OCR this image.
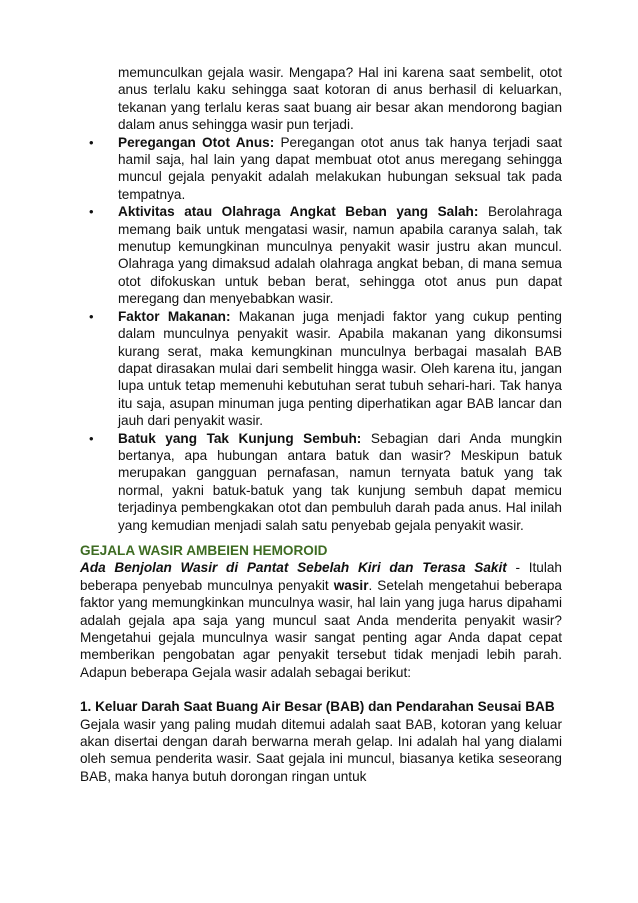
memunculkan gejala wasir. Mengapa? Hal ini karena saat sembelit, otot anus terlalu kaku sehingga saat kotoran di anus berhasil di keluarkan, tekanan yang terlalu keras saat buang air besar akan mendorong bagian dalam anus sehingga wasir pun terjadi.

• Peregangan Otot Anus: Peregangan otot anus tak hanya terjadi saat hamil saja, hal lain yang dapat membuat otot anus meregang sehingga muncul gejala penyakit adalah melakukan hubungan seksual tak pada tempatnya.
• Aktivitas atau Olahraga Angkat Beban yang Salah: Berolahraga memang baik untuk mengatasi wasir, namun apabila caranya salah, tak menutup kemungkinan munculnya penyakit wasir justru akan muncul. Olahraga yang dimaksud adalah olahraga angkat beban, di mana semua otot difokuskan untuk beban berat, sehingga otot anus pun dapat meregang dan menyebabkan wasir.
• Faktor Makanan: Makanan juga menjadi faktor yang cukup penting dalam munculnya penyakit wasir. Apabila makanan yang dikonsumsi kurang serat, maka kemungkinan munculnya berbagai masalah BAB dapat dirasakan mulai dari sembelit hingga wasir. Oleh karena itu, jangan lupa untuk tetap memenuhi kebutuhan serat tubuh sehari-hari. Tak hanya itu saja, asupan minuman juga penting diperhatikan agar BAB lancar dan jauh dari penyakit wasir.
• Batuk yang Tak Kunjung Sembuh: Sebagian dari Anda mungkin bertanya, apa hubungan antara batuk dan wasir? Meskipun batuk merupakan gangguan pernafasan, namun ternyata batuk yang tak normal, yakni batuk-batuk yang tak kunjung sembuh dapat memicu terjadinya pembengkakan otot dan pembuluh darah pada anus. Hal inilah yang kemudian menjadi salah satu penyebab gejala penyakit wasir.
GEJALA WASIR AMBEIEN HEMOROID

Ada Benjolan Wasir di Pantat Sebelah Kiri dan Terasa Sakit - Itulah beberapa penyebab munculnya penyakit wasir. Setelah mengetahui beberapa faktor yang memungkinkan munculnya wasir, hal lain yang juga harus dipahami adalah gejala apa saja yang muncul saat Anda menderita penyakit wasir? Mengetahui gejala munculnya wasir sangat penting agar Anda dapat cepat memberikan pengobatan agar penyakit tersebut tidak menjadi lebih parah. Adapun beberapa Gejala wasir adalah sebagai berikut:

1. Keluar Darah Saat Buang Air Besar (BAB) dan Pendarahan Seusai BAB

Gejala wasir yang paling mudah ditemui adalah saat BAB, kotoran yang keluar akan disertai dengan darah berwarna merah gelap. Ini adalah hal yang dialami oleh semua penderita wasir. Saat gejala ini muncul, biasanya ketika seseorang BAB, maka hanya butuh dorongan ringan untuk
